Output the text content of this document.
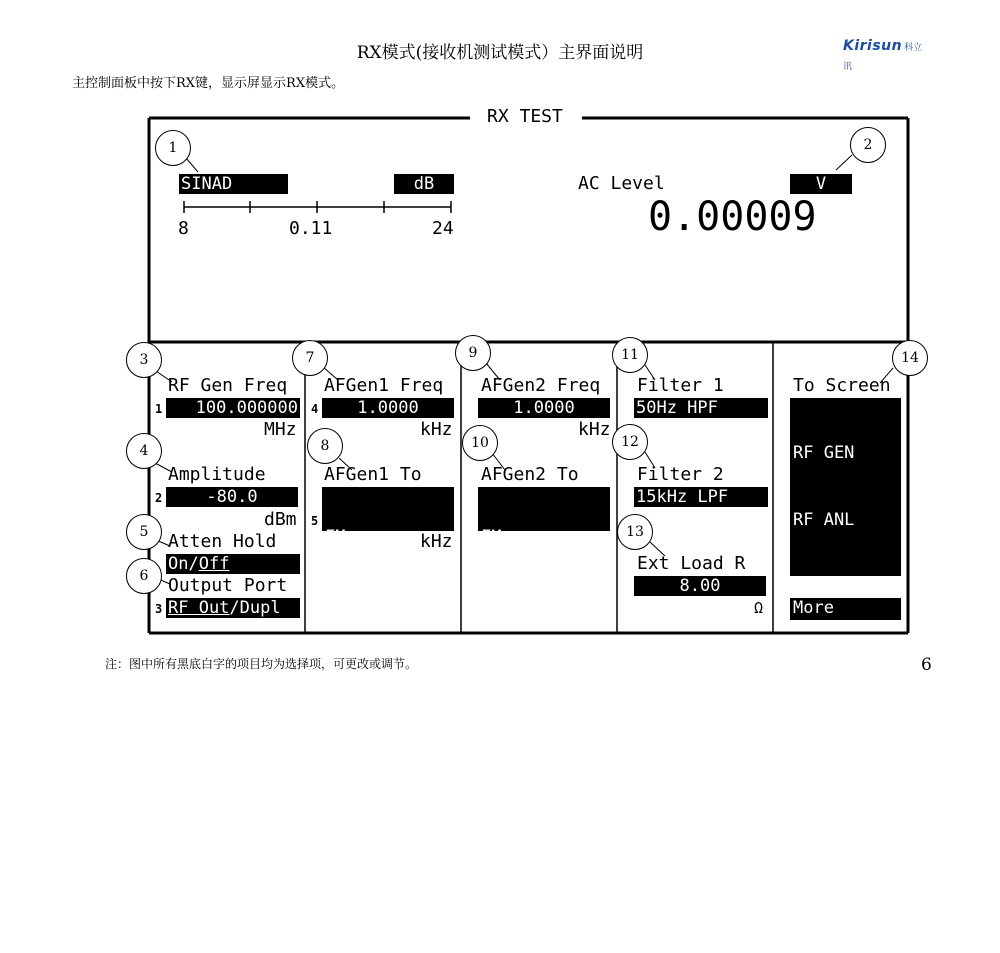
RX模式(接收机测试模式）主界面说明	Kirisun 科立讯
主控制面板中按下RX键，显示屏显示RX模式。
RX TEST
SINAD	dB
8	0.11	24
AC Level	V
0.00009
RF Gen Freq
1	100.000000
MHz
Amplitude
2	-80.0
dBm
Atten Hold
On/Off
Output Port
3 RF Out/Dupl
AFGen1 Freq
4	1.0000
kHz
AFGen1 To

FM

3.00

5
kHz
AFGen2 Freq
1.0000
kHz
AFGen2 To

FM

Off

Filter 1
50Hz HPF
Filter 2
15kHz LPF
Ext Load R
8.00
Ω
To Screen

RF GEN

RF ANL

AF ANL

SCOPE

SPEC ANL

ENCODER

DECODER

RADIO INT

More
1	2
3
4
5
6
7
8
9
10
11
12
13
14
注：图中所有黑底白字的项目均为选择项，可更改或调节。	6
